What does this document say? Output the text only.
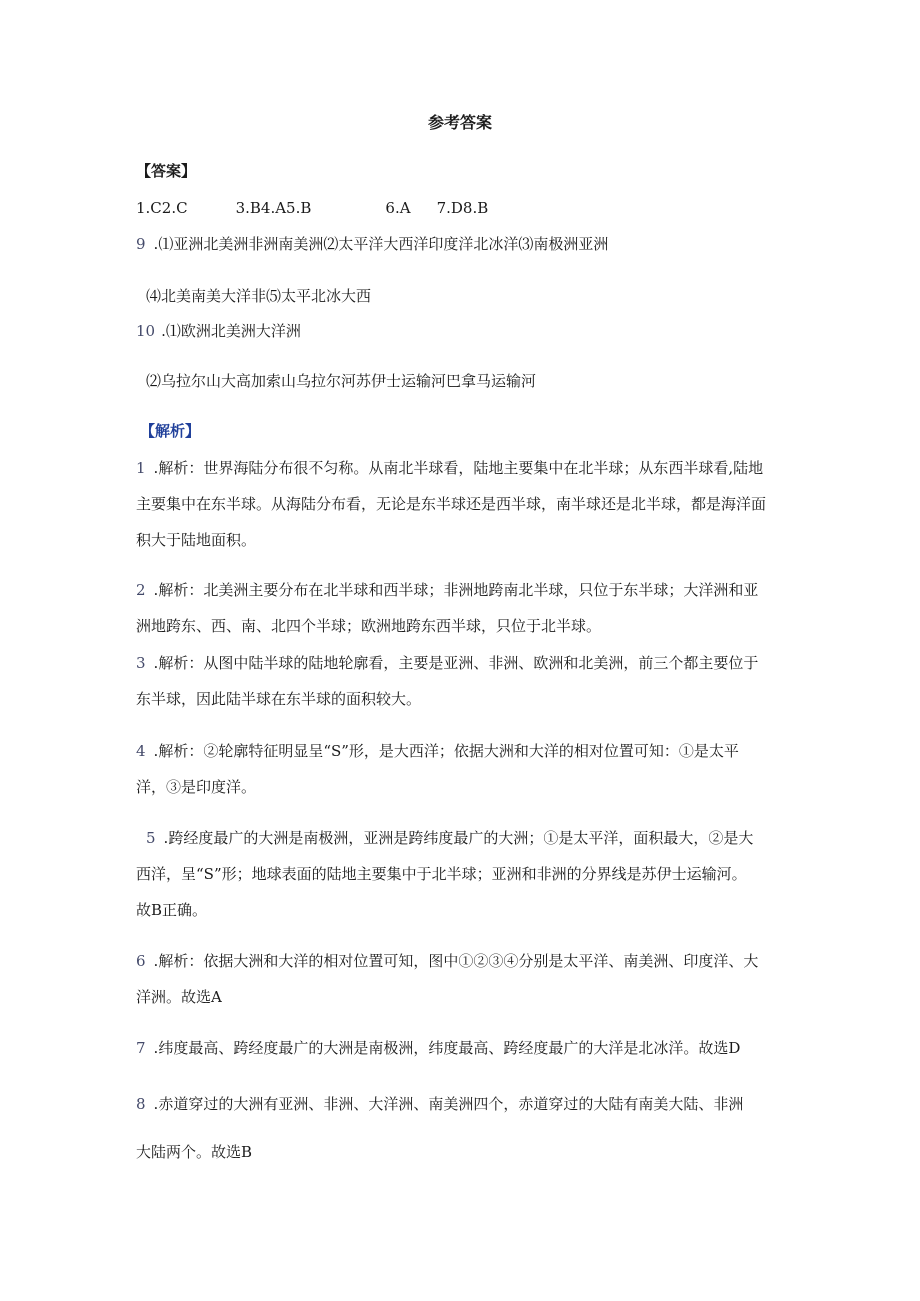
参考答案
【答案】
1.C2.C	3.B4.A5.B	6.A 7.D8.B
9 .⑴亚洲北美洲非洲南美洲⑵太平洋大西洋印度洋北冰洋⑶南极洲亚洲
⑷北美南美大洋非⑸太平北冰大西
10 .⑴欧洲北美洲大洋洲
⑵乌拉尔山大高加索山乌拉尔河苏伊士运输河巴拿马运输河
【解析】
1 .解析：世界海陆分布很不匀称。从南北半球看，陆地主要集中在北半球；从东西半球看,陆地
主要集中在东半球。从海陆分布看，无论是东半球还是西半球，南半球还是北半球，都是海洋面
积大于陆地面积。
2 .解析：北美洲主要分布在北半球和西半球；非洲地跨南北半球，只位于东半球；大洋洲和亚
洲地跨东、西、南、北四个半球；欧洲地跨东西半球，只位于北半球。
3 .解析：从图中陆半球的陆地轮廓看，主要是亚洲、非洲、欧洲和北美洲，前三个都主要位于
东半球，因此陆半球在东半球的面积较大。
4 .解析：②轮廓特征明显呈“S”形，是大西洋；依据大洲和大洋的相对位置可知：①是太平
洋，③是印度洋。
5 .跨经度最广的大洲是南极洲，亚洲是跨纬度最广的大洲；①是太平洋，面积最大，②是大
西洋，呈“S”形；地球表面的陆地主要集中于北半球；亚洲和非洲的分界线是苏伊士运输河。
故B正确。
6 .解析：依据大洲和大洋的相对位置可知，图中①②③④分别是太平洋、南美洲、印度洋、大
洋洲。故选A
7 .纬度最高、跨经度最广的大洲是南极洲，纬度最高、跨经度最广的大洋是北冰洋。故选D
8 .赤道穿过的大洲有亚洲、非洲、大洋洲、南美洲四个，赤道穿过的大陆有南美大陆、非洲
大陆两个。故选B
